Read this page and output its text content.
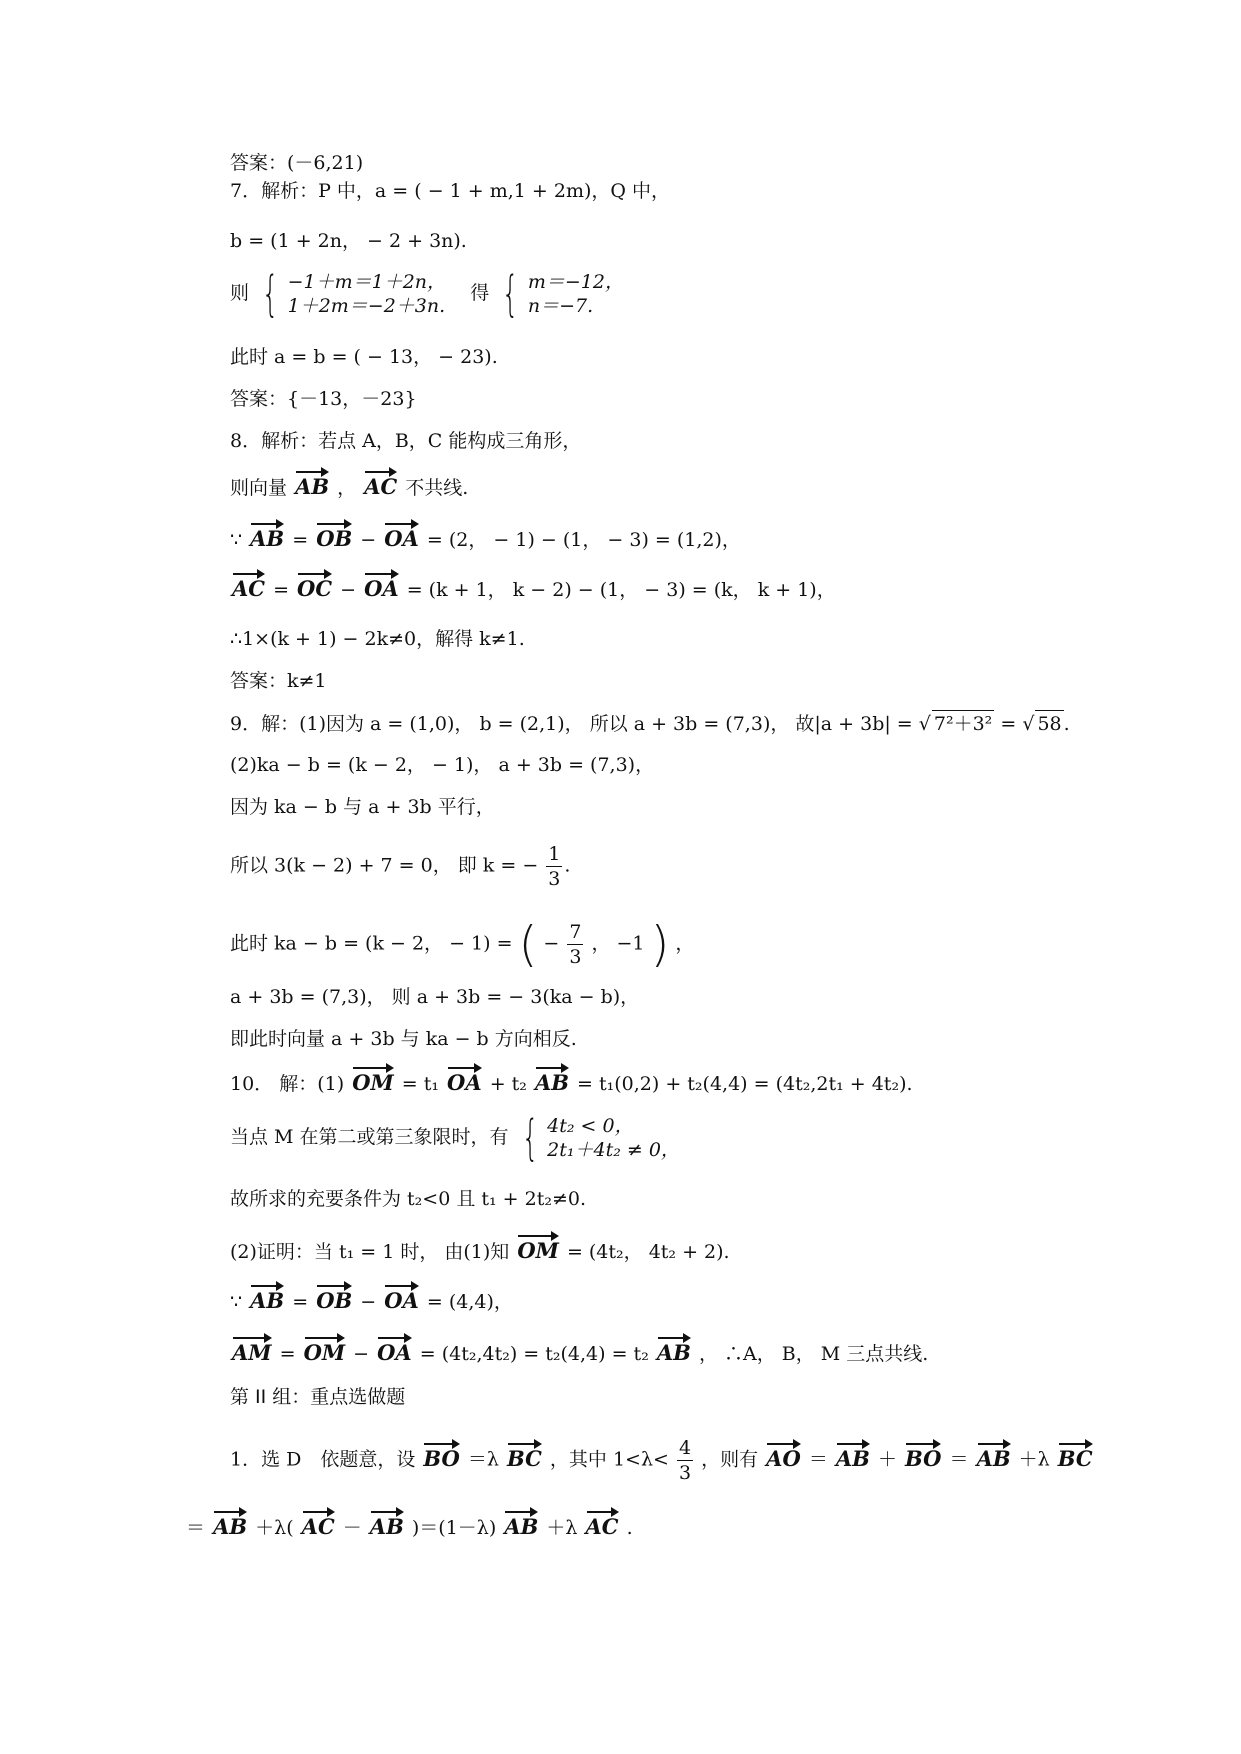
答案：(－6,21)
7．解析：P 中，a = ( − 1 + m,1 + 2m)，Q 中，
b = (1 + 2n， − 2 + 3n).
则 { −1＋m＝1＋2n，
1＋2m＝−2＋3n.
得 { m＝−12，
n＝−7.
此时 a = b = ( − 13， − 23).
答案：{－13，－23}
8．解析：若点 A，B，C 能构成三角形，
则向量 AB ， AC 不共线.
∵ AB = OB − OA = (2， − 1) − (1， − 3) = (1,2)，
AC = OC − OA = (k + 1， k − 2) − (1， − 3) = (k， k + 1)，
∴1×(k + 1) − 2k≠0，解得 k≠1.
答案：k≠1
9．解：(1)因为 a = (1,0)， b = (2,1)， 所以 a + 3b = (7,3)， 故|a + 3b| = √ 7²＋3² = √ 58 .
(2)ka − b = (k − 2， − 1)， a + 3b = (7,3)，
因为 ka − b 与 a + 3b 平行，
所以 3(k − 2) + 7 = 0， 即 k = − $\frac{1}{3}$ .
此时 ka − b = (k − 2， − 1) = ( − $\frac{7}{3}$ ， −1 ) ，
a + 3b = (7,3)， 则 a + 3b = − 3(ka − b)，
即此时向量 a + 3b 与 ka − b 方向相反.
10． 解：(1) OM = t₁ OA + t₂ AB = t₁(0,2) + t₂(4,4) = (4t₂,2t₁ + 4t₂).
当点 M 在第二或第三象限时，有 { 4t₂ < 0，
2t₁＋4t₂ ≠ 0，
故所求的充要条件为 t₂<0 且 t₁ + 2t₂≠0.
(2)证明：当 t₁ = 1 时， 由(1)知 OM = (4t₂， 4t₂ + 2).
∵ AB = OB − OA = (4,4)，
AM = OM − OA = (4t₂,4t₂) = t₂(4,4) = t₂ AB ， ∴A， B， M 三点共线.
第 II 组：重点选做题
1．选 D　依题意，设 BO ＝λ BC ，其中 $1<\lambda< \frac{4}{3}$ ，则有 AO ＝ AB ＋ BO ＝ AB ＋λ BC
＝ AB ＋λ( AC － AB )＝(1－λ) AB ＋λ AC .
